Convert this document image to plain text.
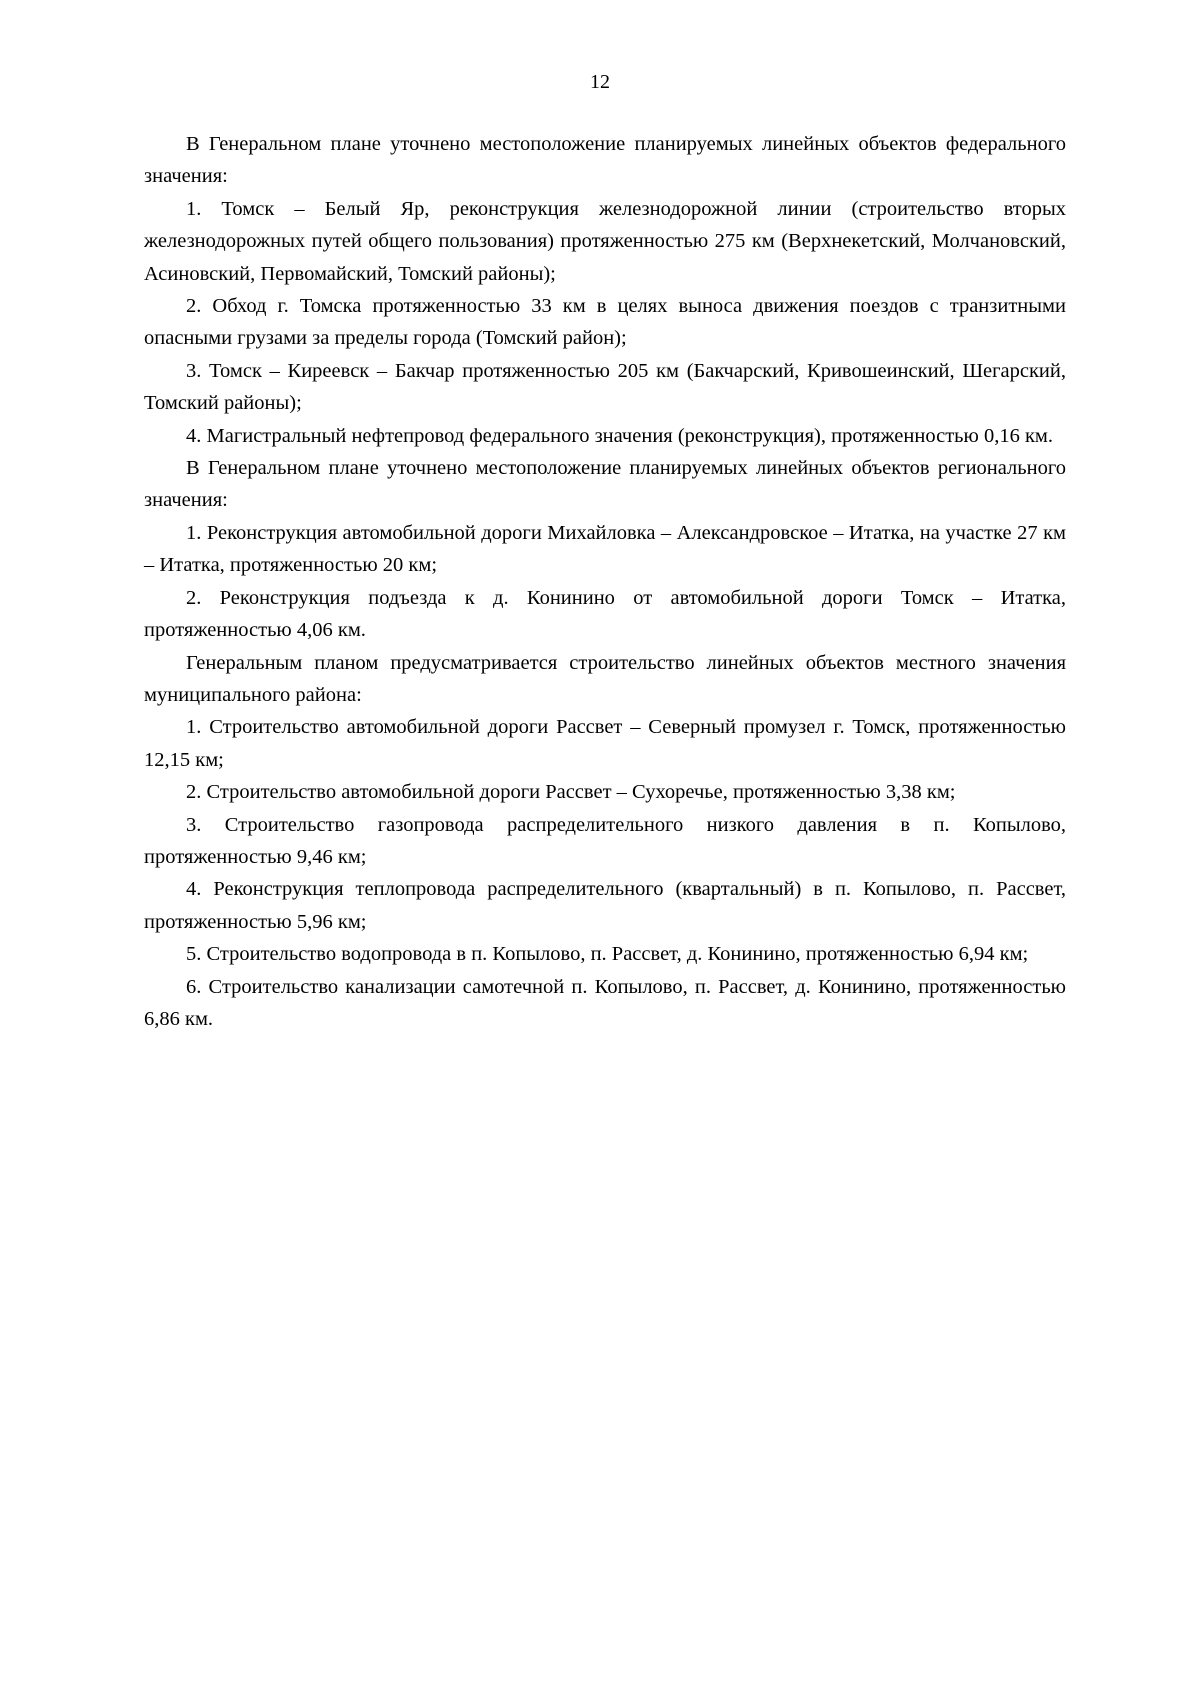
12

В Генеральном плане уточнено местоположение планируемых линейных объектов федерального значения:

1. Томск – Белый Яр, реконструкция железнодорожной линии (строительство вторых железнодорожных путей общего пользования) протяженностью 275 км (Верхнекетский, Молчановский, Асиновский, Первомайский, Томский районы);

2. Обход г. Томска протяженностью 33 км в целях выноса движения поездов с транзитными опасными грузами за пределы города (Томский район);

3. Томск – Киреевск – Бакчар протяженностью 205 км (Бакчарский, Кривошеинский, Шегарский, Томский районы);

4. Магистральный нефтепровод федерального значения (реконструкция), протяженностью 0,16 км.

В Генеральном плане уточнено местоположение планируемых линейных объектов регионального значения:

1. Реконструкция автомобильной дороги Михайловка – Александровское – Итатка, на участке 27 км – Итатка, протяженностью 20 км;

2. Реконструкция подъезда к д. Конинино от автомобильной дороги Томск – Итатка, протяженностью 4,06 км.

Генеральным планом предусматривается строительство линейных объектов местного значения муниципального района:

1. Строительство автомобильной дороги Рассвет – Северный промузел г. Томск, протяженностью 12,15 км;

2. Строительство автомобильной дороги Рассвет – Сухоречье, протяженностью 3,38 км;

3. Строительство газопровода распределительного низкого давления в п. Копылово, протяженностью 9,46 км;

4. Реконструкция теплопровода распределительного (квартальный) в п. Копылово, п. Рассвет, протяженностью 5,96 км;

5. Строительство водопровода в п. Копылово, п. Рассвет, д. Конинино, протяженностью 6,94 км;

6. Строительство канализации самотечной п. Копылово, п. Рассвет, д. Конинино, протяженностью 6,86 км.
